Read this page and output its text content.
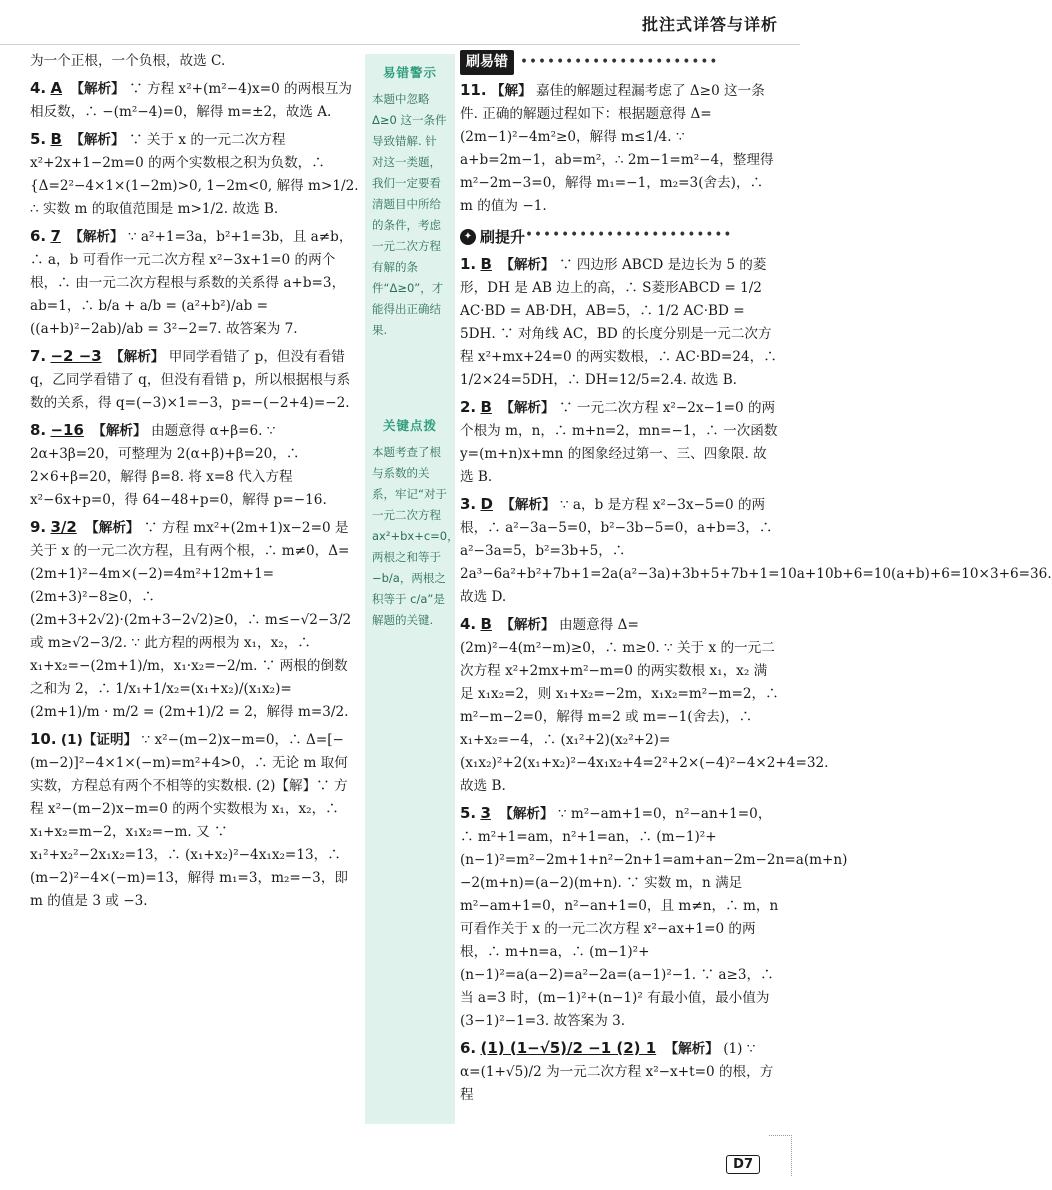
批注式详答与详析
为一个正根，一个负根，故选 C.
4. A 【解析】 ∵ 方程 x²+(m²−4)x=0 的两根互为相反数，∴ −(m²−4)=0，解得 m=±2，故选 A.
5. B 【解析】 ∵ 关于 x 的一元二次方程 x²+2x+1−2m=0 的两个实数根之积为负数，∴ {Δ=2²−4×1×(1−2m)>0, 1−2m<0, 解得 m>1/2. ∴ 实数 m 的取值范围是 m>1/2. 故选 B.
6. 7 【解析】 ∵ a²+1=3a，b²+1=3b，且 a≠b，∴ a，b 可看作一元二次方程 x²−3x+1=0 的两个根，∴ 由一元二次方程根与系数的关系得 a+b=3，ab=1，∴ b/a + a/b = (a²+b²)/ab = ((a+b)²−2ab)/ab = 3²−2=7. 故答案为 7.
7. −2 −3 【解析】 甲同学看错了 p，但没有看错 q，乙同学看错了 q，但没有看错 p，所以根据根与系数的关系，得 q=(−3)×1=−3，p=−(−2+4)=−2.
8. −16 【解析】 由题意得 α+β=6. ∵ 2α+3β=20，可整理为 2(α+β)+β=20，∴ 2×6+β=20，解得 β=8. 将 x=8 代入方程 x²−6x+p=0，得 64−48+p=0，解得 p=−16.
9. 3/2 【解析】 ∵ 方程 mx²+(2m+1)x−2=0 是关于 x 的一元二次方程，且有两个根，∴ m≠0，Δ=(2m+1)²−4m×(−2)=4m²+12m+1=(2m+3)²−8≥0，∴ (2m+3+2√2)·(2m+3−2√2)≥0，∴ m≤−√2−3/2 或 m≥√2−3/2. ∵ 此方程的两根为 x₁，x₂，∴ x₁+x₂=−(2m+1)/m，x₁·x₂=−2/m. ∵ 两根的倒数之和为 2，∴ 1/x₁+1/x₂=(x₁+x₂)/(x₁x₂)=(2m+1)/m · m/2 = (2m+1)/2 = 2，解得 m=3/2.
10. (1)【证明】 ∵ x²−(m−2)x−m=0，∴ Δ=[−(m−2)]²−4×1×(−m)=m²+4>0，∴ 无论 m 取何实数，方程总有两个不相等的实数根. (2)【解】∵ 方程 x²−(m−2)x−m=0 的两个实数根为 x₁，x₂，∴ x₁+x₂=m−2，x₁x₂=−m. 又 ∵ x₁²+x₂²−2x₁x₂=13，∴ (x₁+x₂)²−4x₁x₂=13，∴ (m−2)²−4×(−m)=13，解得 m₁=3，m₂=−3，即 m 的值是 3 或 −3.
易错警示
本题中忽略 Δ≥0 这一条件导致错解. 针对这一类题，我们一定要看清题目中所给的条件，考虑一元二次方程有解的条件“Δ≥0”，才能得出正确结果.
关键点拨
本题考查了根与系数的关系，牢记“对于一元二次方程 ax²+bx+c=0，两根之和等于 −b/a，两根之积等于 c/a”是解题的关键.
刷易错 ••••••••••••••••••••••
11. 【解】 嘉佳的解题过程漏考虑了 Δ≥0 这一条件. 正确的解题过程如下：根据题意得 Δ=(2m−1)²−4m²≥0，解得 m≤1/4. ∵ a+b=2m−1，ab=m²，∴ 2m−1=m²−4，整理得 m²−2m−3=0，解得 m₁=−1，m₂=3(舍去)，∴ m 的值为 −1.
✦ 刷提升 •••••••••••••••••••••••
1. B 【解析】 ∵ 四边形 ABCD 是边长为 5 的菱形，DH 是 AB 边上的高，∴ S菱形ABCD = 1/2 AC·BD = AB·DH，AB=5，∴ 1/2 AC·BD = 5DH. ∵ 对角线 AC，BD 的长度分别是一元二次方程 x²+mx+24=0 的两实数根，∴ AC·BD=24，∴ 1/2×24=5DH，∴ DH=12/5=2.4. 故选 B.
2. B 【解析】 ∵ 一元二次方程 x²−2x−1=0 的两个根为 m，n，∴ m+n=2，mn=−1，∴ 一次函数 y=(m+n)x+mn 的图象经过第一、三、四象限. 故选 B.
3. D 【解析】 ∵ a，b 是方程 x²−3x−5=0 的两根，∴ a²−3a−5=0，b²−3b−5=0，a+b=3，∴ a²−3a=5，b²=3b+5，∴ 2a³−6a²+b²+7b+1=2a(a²−3a)+3b+5+7b+1=10a+10b+6=10(a+b)+6=10×3+6=36. 故选 D.
4. B 【解析】 由题意得 Δ=(2m)²−4(m²−m)≥0，∴ m≥0. ∵ 关于 x 的一元二次方程 x²+2mx+m²−m=0 的两实数根 x₁，x₂ 满足 x₁x₂=2，则 x₁+x₂=−2m，x₁x₂=m²−m=2，∴ m²−m−2=0，解得 m=2 或 m=−1(舍去)，∴ x₁+x₂=−4，∴ (x₁²+2)(x₂²+2)=(x₁x₂)²+2(x₁+x₂)²−4x₁x₂+4=2²+2×(−4)²−4×2+4=32. 故选 B.
5. 3 【解析】 ∵ m²−am+1=0，n²−an+1=0，∴ m²+1=am，n²+1=an，∴ (m−1)²+(n−1)²=m²−2m+1+n²−2n+1=am+an−2m−2n=a(m+n)−2(m+n)=(a−2)(m+n). ∵ 实数 m，n 满足 m²−am+1=0，n²−an+1=0，且 m≠n，∴ m，n 可看作关于 x 的一元二次方程 x²−ax+1=0 的两根，∴ m+n=a，∴ (m−1)²+(n−1)²=a(a−2)=a²−2a=(a−1)²−1. ∵ a≥3，∴ 当 a=3 时，(m−1)²+(n−1)² 有最小值，最小值为 (3−1)²−1=3. 故答案为 3.
6. (1) (1−√5)/2 −1 (2) 1 【解析】 (1) ∵ α=(1+√5)/2 为一元二次方程 x²−x+t=0 的根，方程
D7
